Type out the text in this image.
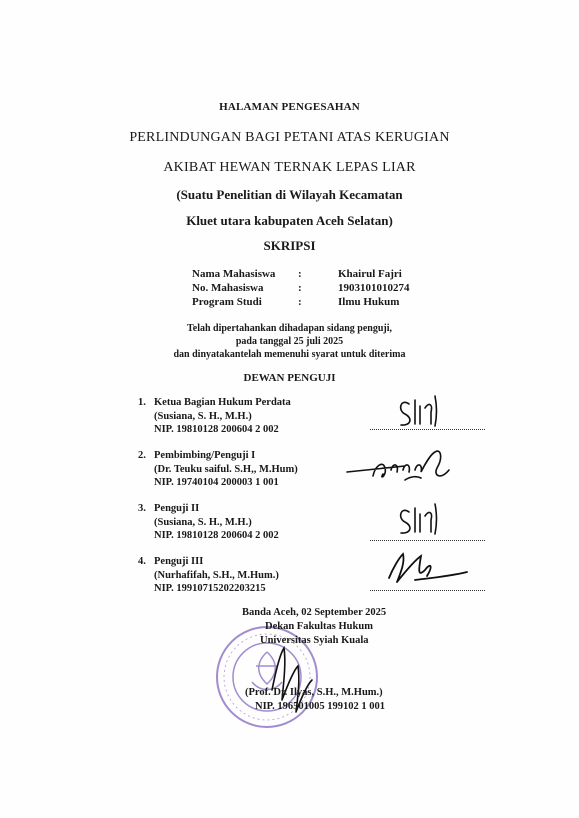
HALAMAN PENGESAHAN
PERLINDUNGAN BAGI PETANI ATAS KERUGIAN
AKIBAT HEWAN TERNAK LEPAS LIAR
(Suatu Penelitian di Wilayah Kecamatan
Kluet utara kabupaten Aceh Selatan)
SKRIPSI
Nama Mahasiswa :	Khairul Fajri
No. Mahasiswa	:	1903101010274
Program Studi	:	Ilmu Hukum
Telah dipertahankan dihadapan sidang penguji,
pada tanggal 25 juli 2025
dan dinyatakantelah memenuhi syarat untuk diterima
DEWAN PENGUJI
1. Ketua Bagian Hukum Perdata
(Susiana, S. H., M.H.)
NIP. 19810128 200604 2 002
2. Pembimbing/Penguji I
(Dr. Teuku saiful. S.H,, M.Hum)
NIP. 19740104 200003 1 001
3. Penguji II
(Susiana, S. H., M.H.)
NIP. 19810128 200604 2 002
4. Penguji III
(Nurhafifah, S.H., M.Hum.)
NIP. 19910715202203215
Banda Aceh, 02 September 2025
Dekan Fakultas Hukum
Universitas Syiah Kuala
(Prof. Dr. Ilyas, S.H., M.Hum.)
NIP. 196501005 199102 1 001
